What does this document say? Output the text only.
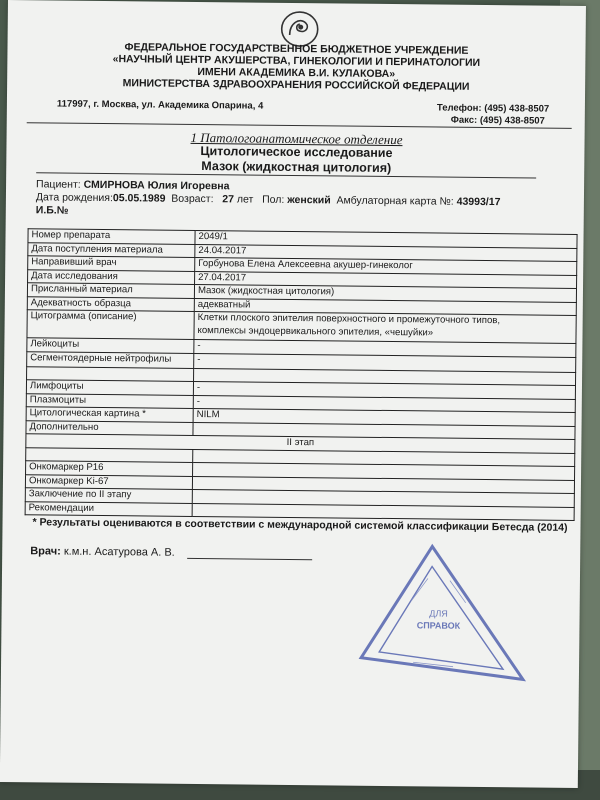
ФЕДЕРАЛЬНОЕ ГОСУДАРСТВЕННОЕ БЮДЖЕТНОЕ УЧРЕЖДЕНИЕ
«НАУЧНЫЙ ЦЕНТР АКУШЕРСТВА, ГИНЕКОЛОГИИ И ПЕРИНАТОЛОГИИ
ИМЕНИ АКАДЕМИКА В.И. КУЛАКОВА»
МИНИСТЕРСТВА ЗДРАВООХРАНЕНИЯ РОССИЙСКОЙ ФЕДЕРАЦИИ
117997, г. Москва, ул. Академика Опарина, 4	Телефон: (495) 438-8507
Факс: (495) 438-8507
1 Патологоанатомическое отделение
Цитологическое исследование
Мазок (жидкостная цитология)
Пациент: СМИРНОВА Юлия Игоревна
Дата рождения:05.05.1989 Возраст: 27 лет Пол: женский Амбулаторная карта №: 43993/17
И.Б.№
Номер препарата	2049/1
Дата поступления материала	24.04.2017
Направивший врач	Горбунова Елена Алексеевна акушер-гинеколог
Дата исследования	27.04.2017
Присланный материал	Мазок (жидкостная цитология)
Адекватность образца	адекватный
Цитограмма (описание)	Клетки плоского эпителия поверхностного и промежуточного типов,
комплексы эндоцервикального эпителия, «чешуйки»

Лейкоциты	-
Сегментоядерные нейтрофилы	-

Лимфоциты	-
Плазмоциты	-
Цитологическая картина *	NILM
Дополнительно	
II этап	

Онкомаркер P16	
Онкомаркер Ki-67	
Заключение по II этапу	
Рекомендации	
* Результаты оцениваются в соответствии с международной системой классификации Бетесда (2014)
Врач: к.м.н. Асатурова А. В.
ДЛЯ
СПРАВОК
